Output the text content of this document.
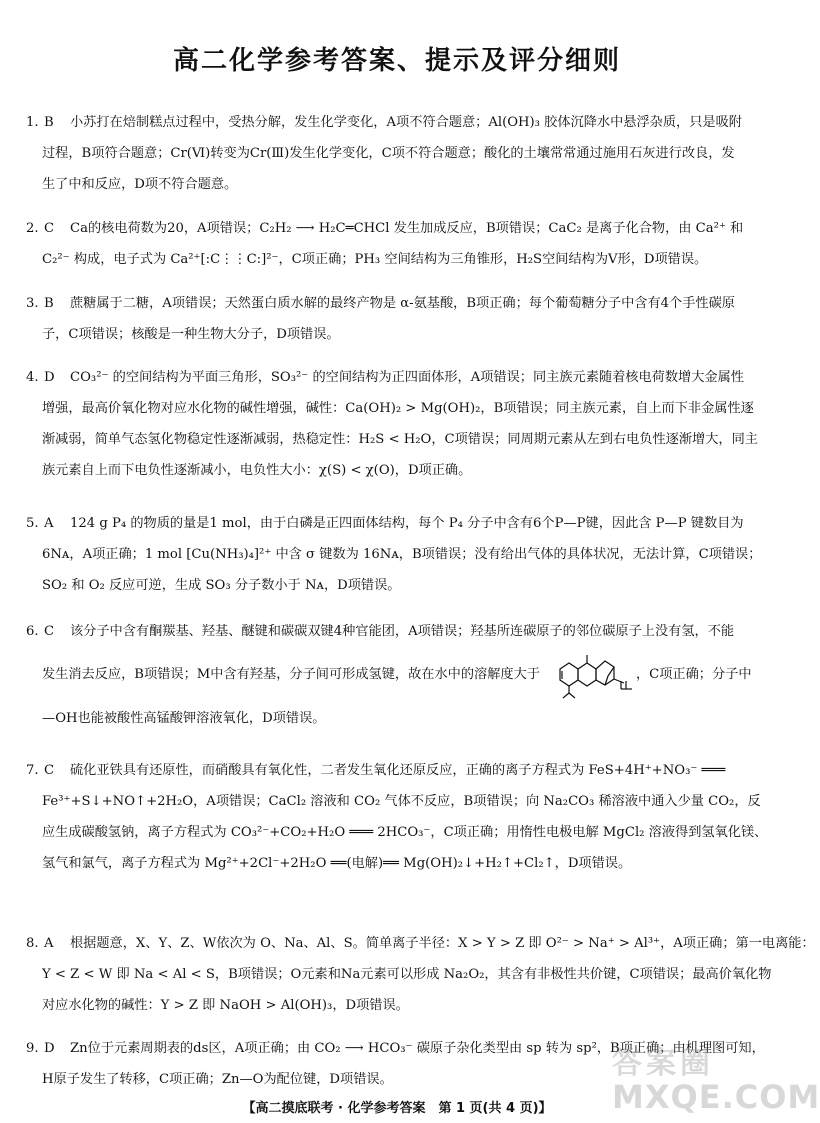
高二化学参考答案、提示及评分细则

1. B 小苏打在焙制糕点过程中，受热分解，发生化学变化，A项不符合题意；Al(OH)₃ 胶体沉降水中悬浮杂质，只是吸附

过程，B项符合题意；Cr(Ⅵ)转变为Cr(Ⅲ)发生化学变化，C项不符合题意；酸化的土壤常常通过施用石灰进行改良，发

生了中和反应，D项不符合题意。

2. C Ca的核电荷数为20，A项错误；C₂H₂ ⟶ H₂C═CHCl 发生加成反应，B项错误；CaC₂ 是离子化合物，由 Ca²⁺ 和

C₂²⁻ 构成，电子式为 Ca²⁺[:C⋮⋮C:]²⁻，C项正确；PH₃ 空间结构为三角锥形，H₂S空间结构为V形，D项错误。

3. B 蔗糖属于二糖，A项错误；天然蛋白质水解的最终产物是 α-氨基酸，B项正确；每个葡萄糖分子中含有4个手性碳原

子，C项错误；核酸是一种生物大分子，D项错误。

4. D CO₃²⁻ 的空间结构为平面三角形，SO₃²⁻ 的空间结构为正四面体形，A项错误；同主族元素随着核电荷数增大金属性

增强，最高价氧化物对应水化物的碱性增强，碱性：Ca(OH)₂ > Mg(OH)₂，B项错误；同主族元素，自上而下非金属性逐

渐减弱，简单气态氢化物稳定性逐渐减弱，热稳定性：H₂S < H₂O，C项错误；同周期元素从左到右电负性逐渐增大，同主

族元素自上而下电负性逐渐减小，电负性大小：χ(S) < χ(O)，D项正确。

5. A 124 g P₄ 的物质的量是1 mol，由于白磷是正四面体结构，每个 P₄ 分子中含有6个P—P键，因此含 P—P 键数目为

6Nᴀ，A项正确；1 mol [Cu(NH₃)₄]²⁺ 中含 σ 键数为 16Nᴀ，B项错误；没有给出气体的具体状况，无法计算，C项错误；

SO₂ 和 O₂ 反应可逆，生成 SO₃ 分子数小于 Nᴀ，D项错误。

6. C 该分子中含有酮羰基、羟基、醚键和碳碳双键4种官能团，A项错误；羟基所连碳原子的邻位碳原子上没有氢，不能

发生消去反应，B项错误；M中含有羟基，分子间可形成氢键，故在水中的溶解度大于	，C项正确；分子中

—OH也能被酸性高锰酸钾溶液氧化，D项错误。

7. C 硫化亚铁具有还原性，而硝酸具有氧化性，二者发生氧化还原反应，正确的离子方程式为 FeS+4H⁺+NO₃⁻ ═══

Fe³⁺+S↓+NO↑+2H₂O，A项错误；CaCl₂ 溶液和 CO₂ 气体不反应，B项错误；向 Na₂CO₃ 稀溶液中通入少量 CO₂，反

应生成碳酸氢钠，离子方程式为 CO₃²⁻+CO₂+H₂O ═══ 2HCO₃⁻，C项正确；用惰性电极电解 MgCl₂ 溶液得到氢氧化镁、

氢气和氯气，离子方程式为 Mg²⁺+2Cl⁻+2H₂O ══(电解)══ Mg(OH)₂↓+H₂↑+Cl₂↑，D项错误。

8. A 根据题意，X、Y、Z、W依次为 O、Na、Al、S。简单离子半径：X > Y > Z 即 O²⁻ > Na⁺ > Al³⁺，A项正确；第一电离能：

Y < Z < W 即 Na < Al < S，B项错误；O元素和Na元素可以形成 Na₂O₂，其含有非极性共价键，C项错误；最高价氧化物

对应水化物的碱性：Y > Z 即 NaOH > Al(OH)₃，D项错误。

9. D Zn位于元素周期表的ds区，A项正确；由 CO₂ ⟶ HCO₃⁻ 碳原子杂化类型由 sp 转为 sp²，B项正确；由机理图可知，

H原子发生了转移，C项正确；Zn—O为配位键，D项错误。

【高二摸底联考 · 化学参考答案　第 1 页(共 4 页)】
答案圈
MXQE.COM
